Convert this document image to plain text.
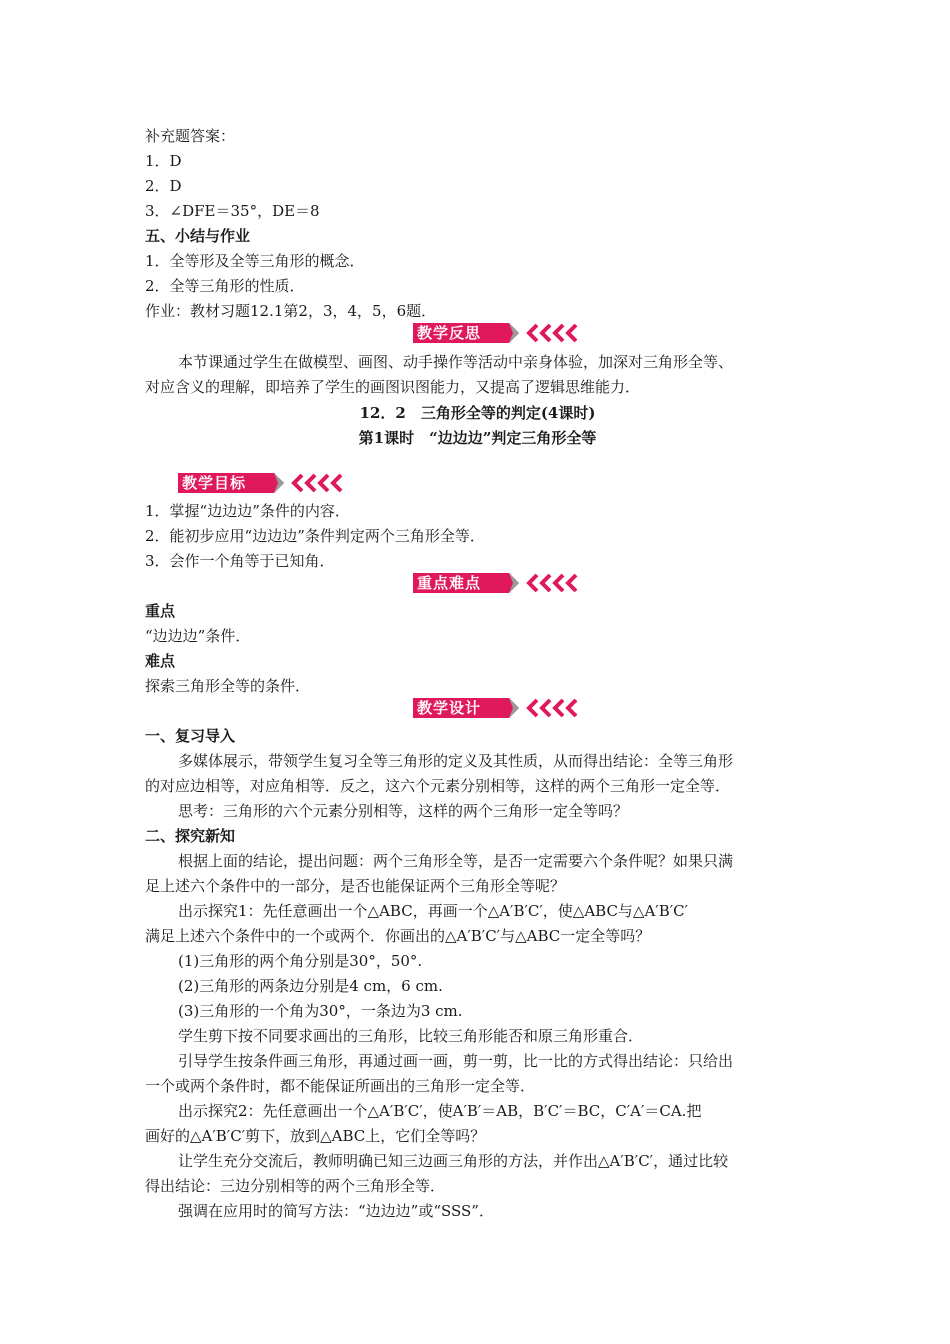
补充题答案：
1．D
2．D
3．∠DFE＝35°，DE＝8
五、小结与作业
1．全等形及全等三角形的概念．
2．全等三角形的性质．
作业：教材习题12.1第2，3，4，5，6题．
教学反思
本节课通过学生在做模型、画图、动手操作等活动中亲身体验，加深对三角形全等、
对应含义的理解，即培养了学生的画图识图能力，又提高了逻辑思维能力．
12．2　三角形全等的判定(4课时)
第1课时　“边边边”判定三角形全等
教学目标
1．掌握“边边边”条件的内容．
2．能初步应用“边边边”条件判定两个三角形全等．
3．会作一个角等于已知角．
重点难点
重点
“边边边”条件．
难点
探索三角形全等的条件．
教学设计
一、复习导入
多媒体展示，带领学生复习全等三角形的定义及其性质，从而得出结论：全等三角形
的对应边相等，对应角相等．反之，这六个元素分别相等，这样的两个三角形一定全等．
思考：三角形的六个元素分别相等，这样的两个三角形一定全等吗？
二、探究新知
根据上面的结论，提出问题：两个三角形全等，是否一定需要六个条件呢？如果只满
足上述六个条件中的一部分，是否也能保证两个三角形全等呢？
出示探究1：先任意画出一个△ABC，再画一个△A′B′C′，使△ABC与△A′B′C′
满足上述六个条件中的一个或两个．你画出的△A′B′C′与△ABC一定全等吗？
(1)三角形的两个角分别是30°，50°.
(2)三角形的两条边分别是4 cm，6 cm.
(3)三角形的一个角为30°，一条边为3 cm.
学生剪下按不同要求画出的三角形，比较三角形能否和原三角形重合．
引导学生按条件画三角形，再通过画一画，剪一剪，比一比的方式得出结论：只给出
一个或两个条件时，都不能保证所画出的三角形一定全等．
出示探究2：先任意画出一个△A′B′C′，使A′B′＝AB，B′C′＝BC，C′A′＝CA.把
画好的△A′B′C′剪下，放到△ABC上，它们全等吗？
让学生充分交流后，教师明确已知三边画三角形的方法，并作出△A′B′C′，通过比较
得出结论：三边分别相等的两个三角形全等．
强调在应用时的简写方法：“边边边”或“SSS”．
